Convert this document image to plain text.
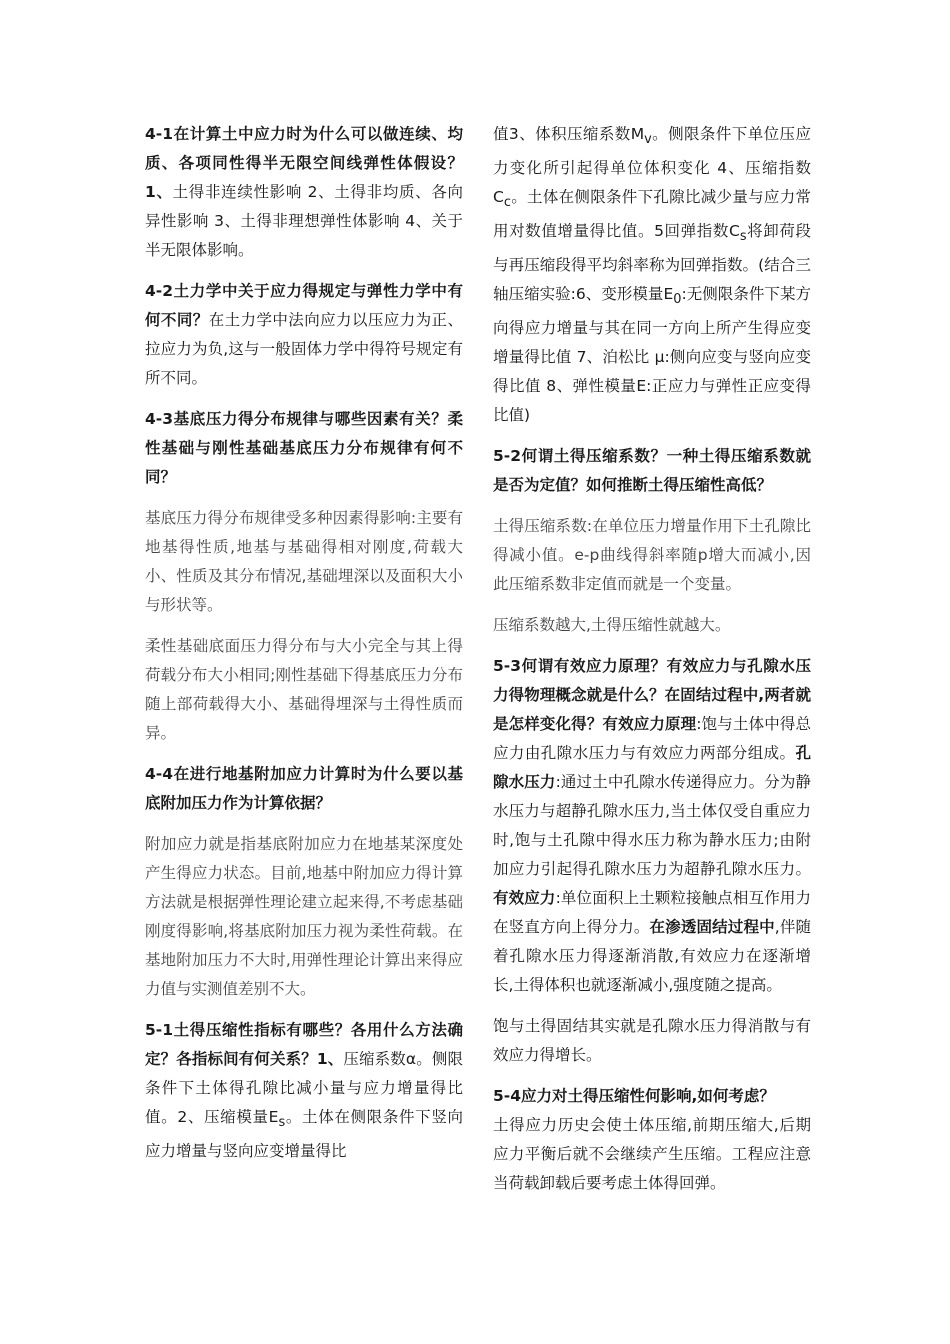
4-1在计算土中应力时为什么可以做连续、均质、各项同性得半无限空间线弹性体假设？1、土得非连续性影响 2、土得非均质、各向异性影响 3、土得非理想弹性体影响 4、关于半无限体影响。

4-2土力学中关于应力得规定与弹性力学中有何不同？在土力学中法向应力以压应力为正、拉应力为负,这与一般固体力学中得符号规定有所不同。

4-3基底压力得分布规律与哪些因素有关？柔性基础与刚性基础基底压力分布规律有何不同？

基底压力得分布规律受多种因素得影响:主要有地基得性质,地基与基础得相对刚度,荷载大小、性质及其分布情况,基础埋深以及面积大小与形状等。

柔性基础底面压力得分布与大小完全与其上得荷载分布大小相同;刚性基础下得基底压力分布随上部荷载得大小、基础得埋深与土得性质而异。

4-4在进行地基附加应力计算时为什么要以基底附加压力作为计算依据？

附加应力就是指基底附加应力在地基某深度处产生得应力状态。目前,地基中附加应力得计算方法就是根据弹性理论建立起来得,不考虑基础刚度得影响,将基底附加压力视为柔性荷载。在基地附加压力不大时,用弹性理论计算出来得应力值与实测值差别不大。

5-1土得压缩性指标有哪些？各用什么方法确定？各指标间有何关系？1、压缩系数α。侧限条件下土体得孔隙比减小量与应力增量得比值。2、压缩模量$E_s$。土体在侧限条件下竖向应力增量与竖向应变增量得比

值3、体积压缩系数$M_v$。侧限条件下单位压应力变化所引起得单位体积变化 4、压缩指数$C_c$。土体在侧限条件下孔隙比减少量与应力常用对数值增量得比值。5回弹指数$C_s$将卸荷段与再压缩段得平均斜率称为回弹指数。(结合三轴压缩实验:6、变形模量$E_0$:无侧限条件下某方向得应力增量与其在同一方向上所产生得应变增量得比值 7、泊松比 μ:侧向应变与竖向应变得比值 8、弹性模量E:正应力与弹性正应变得比值)

5-2何谓土得压缩系数？一种土得压缩系数就是否为定值？如何推断土得压缩性高低？

土得压缩系数:在单位压力增量作用下土孔隙比得减小值。e-p曲线得斜率随p增大而减小,因此压缩系数非定值而就是一个变量。

压缩系数越大,土得压缩性就越大。

5-3何谓有效应力原理？有效应力与孔隙水压力得物理概念就是什么？在固结过程中,两者就是怎样变化得？有效应力原理:饱与土体中得总应力由孔隙水压力与有效应力两部分组成。孔隙水压力:通过土中孔隙水传递得应力。分为静水压力与超静孔隙水压力,当土体仅受自重应力时,饱与土孔隙中得水压力称为静水压力;由附加应力引起得孔隙水压力为超静孔隙水压力。有效应力:单位面积上土颗粒接触点相互作用力在竖直方向上得分力。在渗透固结过程中,伴随着孔隙水压力得逐渐消散,有效应力在逐渐增长,土得体积也就逐渐减小,强度随之提高。

饱与土得固结其实就是孔隙水压力得消散与有效应力得增长。

5-4应力对土得压缩性何影响,如何考虑？
土得应力历史会使土体压缩,前期压缩大,后期应力平衡后就不会继续产生压缩。工程应注意当荷载卸载后要考虑土体得回弹。
